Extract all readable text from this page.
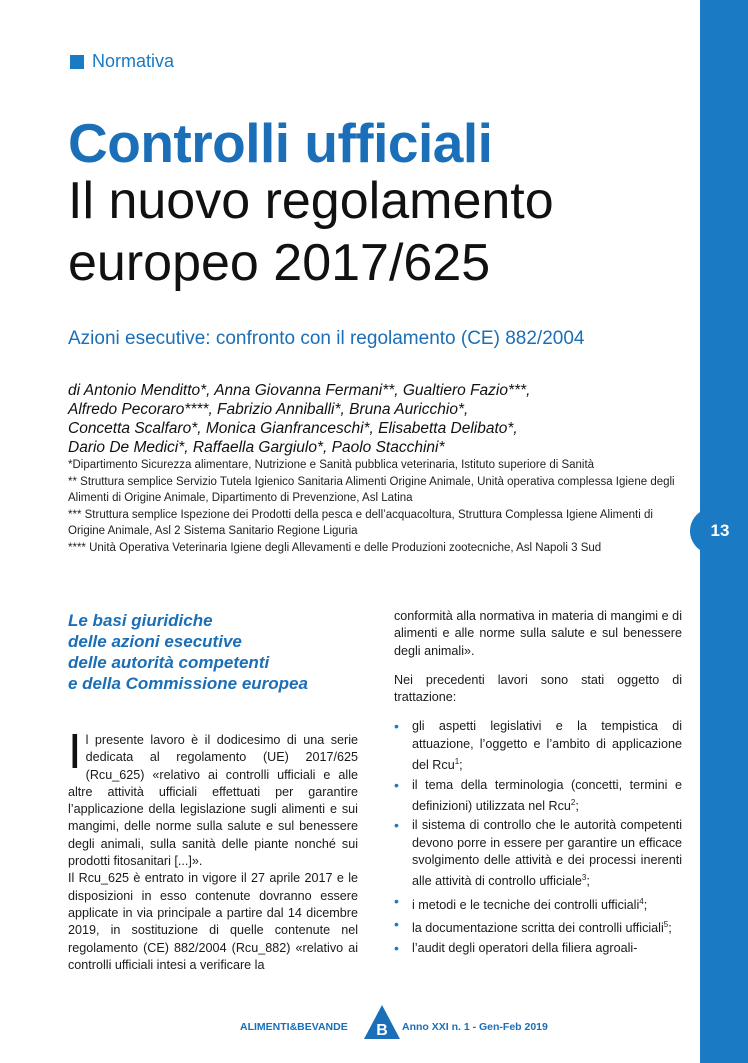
13
Normativa
Controlli ufficiali
Il nuovo regolamento
europeo 2017/625
Azioni esecutive: confronto con il regolamento (CE) 882/2004
di Antonio Menditto*, Anna Giovanna Fermani**, Gualtiero Fazio***,
Alfredo Pecoraro****, Fabrizio Anniballi*, Bruna Auricchio*,
Concetta Scalfaro*, Monica Gianfranceschi*, Elisabetta Delibato*,
Dario De Medici*, Raffaella Gargiulo*, Paolo Stacchini*
*Dipartimento Sicurezza alimentare, Nutrizione e Sanità pubblica veterinaria, Istituto superiore di Sanità
** Struttura semplice Servizio Tutela Igienico Sanitaria Alimenti Origine Animale, Unità operativa complessa Igiene degli Alimenti di Origine Animale, Dipartimento di Prevenzione, Asl Latina
*** Struttura semplice Ispezione dei Prodotti della pesca e dell’acquacoltura, Struttura Complessa Igiene Alimenti di Origine Animale, Asl 2 Sistema Sanitario Regione Liguria
**** Unità Operativa Veterinaria Igiene degli Allevamenti e delle Produzioni zootecniche, Asl Napoli 3 Sud
Le basi giuridiche
delle azioni esecutive
delle autorità competenti
e della Commissione europea

Il presente lavoro è il dodicesimo di una serie dedicata al regolamento (UE) 2017/625 (Rcu_625) «relativo ai controlli ufficiali e alle altre attività ufficiali effettuati per garantire l’applicazione della legislazione sugli alimenti e sui mangimi, delle norme sulla salute e sul benessere degli animali, sulla sanità delle piante nonché sui prodotti fitosanitari [...]».

Il Rcu_625 è entrato in vigore il 27 aprile 2017 e le disposizioni in esso contenute dovranno essere applicate in via principale a partire dal 14 dicembre 2019, in sostituzione di quelle contenute nel regolamento (CE) 882/2004 (Rcu_882) «relativo ai controlli ufficiali intesi a verificare la

conformità alla normativa in materia di mangimi e di alimenti e alle norme sulla salute e sul benessere degli animali».

Nei precedenti lavori sono stati oggetto di trattazione:

• gli aspetti legislativi e la tempistica di attuazione, l’oggetto e l’ambito di applicazione del Rcu$^1$;
• il tema della terminologia (concetti, termini e definizioni) utilizzata nel Rcu$^2$;
• il sistema di controllo che le autorità competenti devono porre in essere per garantire un efficace svolgimento delle attività e dei processi inerenti alle attività di controllo ufficiale$^3$;
• i metodi e le tecniche dei controlli ufficiali$^4$;
• la documentazione scritta dei controlli ufficiali$^5$;
• l’audit degli operatori della filiera agroali-
ALIMENTI&BEVANDE B Anno XXI n. 1 - Gen-Feb 2019
